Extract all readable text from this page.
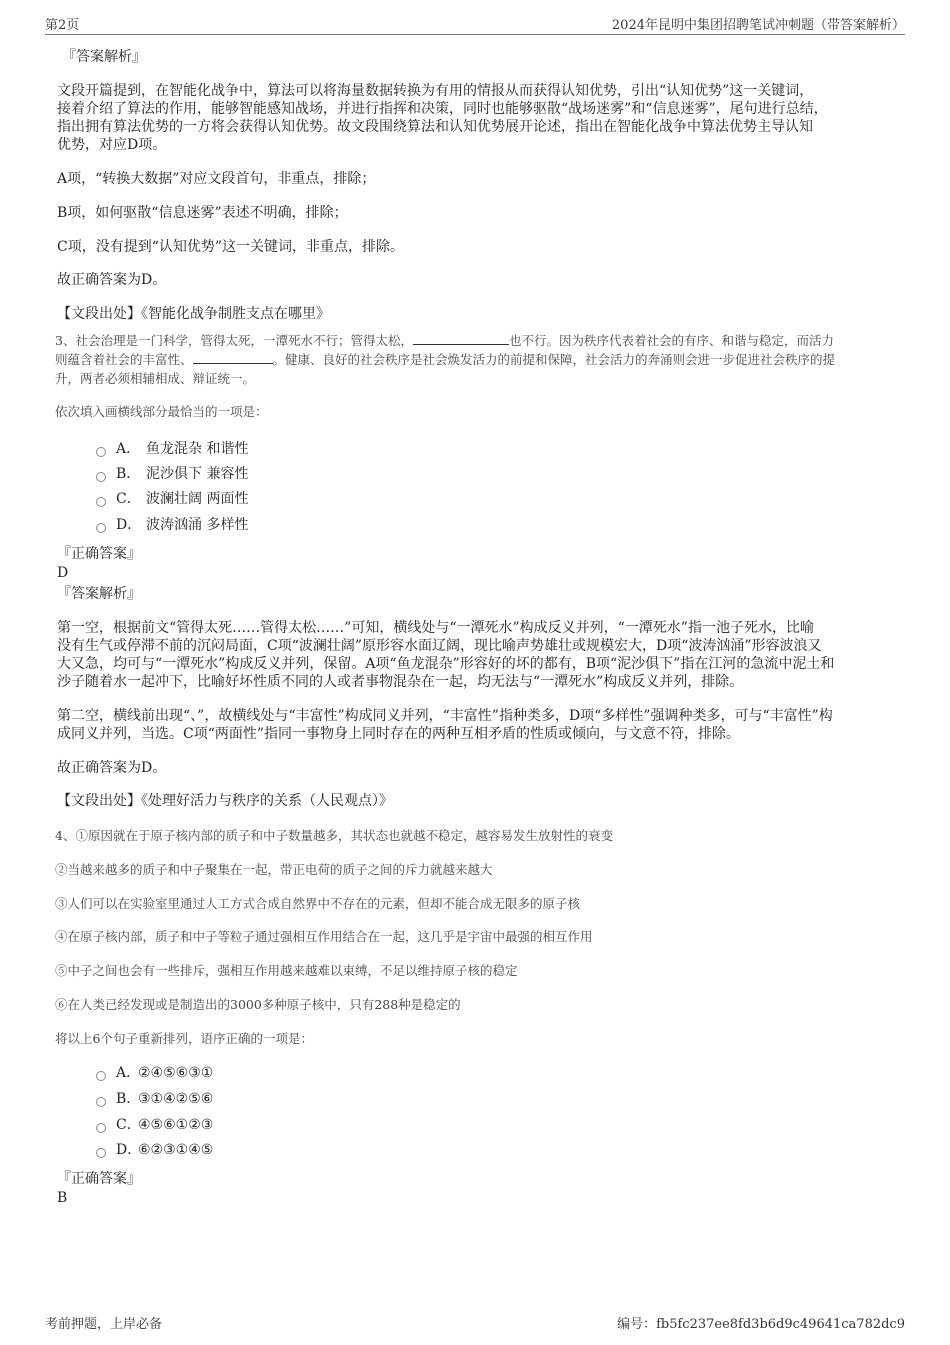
第2页	2024年昆明中集团招聘笔试冲刺题（带答案解析）
『答案解析』
文段开篇提到，在智能化战争中，算法可以将海量数据转换为有用的情报从而获得认知优势，引出“认知优势”这一关键词，
接着介绍了算法的作用，能够智能感知战场，并进行指挥和决策，同时也能够驱散“战场迷雾”和“信息迷雾”，尾句进行总结，
指出拥有算法优势的一方将会获得认知优势。故文段围绕算法和认知优势展开论述，指出在智能化战争中算法优势主导认知
优势，对应D项。
A项，“转换大数据”对应文段首句，非重点，排除；
B项，如何驱散“信息迷雾”表述不明确，排除；
C项，没有提到“认知优势”这一关键词，非重点，排除。
故正确答案为D。
【文段出处】《智能化战争制胜支点在哪里》
3、社会治理是一门科学，管得太死，一潭死水不行；管得太松，	也不行。因为秩序代表着社会的有序、和谐与稳定，而活力
则蕴含着社会的丰富性、	。健康、良好的社会秩序是社会焕发活力的前提和保障，社会活力的奔涌则会进一步促进社会秩序的提
升，两者必须相辅相成、辩证统一。
依次填入画横线部分最恰当的一项是：
A． 鱼龙混杂 和谐性
B． 泥沙俱下 兼容性
C． 波澜壮阔 两面性
D． 波涛汹涌 多样性
『正确答案』
D
『答案解析』
第一空，根据前文“管得太死……管得太松……”可知，横线处与“一潭死水”构成反义并列，“一潭死水”指一池子死水，比喻
没有生气或停滞不前的沉闷局面，C项“波澜壮阔”原形容水面辽阔，现比喻声势雄壮或规模宏大，D项“波涛汹涌”形容波浪又
大又急，均可与“一潭死水”构成反义并列，保留。A项“鱼龙混杂”形容好的坏的都有，B项“泥沙俱下”指在江河的急流中泥土和
沙子随着水一起冲下，比喻好坏性质不同的人或者事物混杂在一起，均无法与“一潭死水”构成反义并列，排除。
第二空，横线前出现“、”，故横线处与“丰富性”构成同义并列，“丰富性”指种类多，D项“多样性”强调种类多，可与“丰富性”构
成同义并列，当选。C项“两面性”指同一事物身上同时存在的两种互相矛盾的性质或倾向，与文意不符，排除。
故正确答案为D。
【文段出处】《处理好活力与秩序的关系（人民观点）》
4、①原因就在于原子核内部的质子和中子数量越多，其状态也就越不稳定，越容易发生放射性的衰变
②当越来越多的质子和中子聚集在一起，带正电荷的质子之间的斥力就越来越大
③人们可以在实验室里通过人工方式合成自然界中不存在的元素，但却不能合成无限多的原子核
④在原子核内部，质子和中子等粒子通过强相互作用结合在一起，这几乎是宇宙中最强的相互作用
⑤中子之间也会有一些排斥，强相互作用越来越难以束缚，不足以维持原子核的稳定
⑥在人类已经发现或是制造出的3000多种原子核中，只有288种是稳定的
将以上6个句子重新排列，语序正确的一项是：
A．
②④⑤⑥③①
B．
③①④②⑤⑥
C．
④⑤⑥①②③
D．
⑥②③①④⑤
『正确答案』
B
考前押题，上岸必备	编号：fb5fc237ee8fd3b6d9c49641ca782dc9
